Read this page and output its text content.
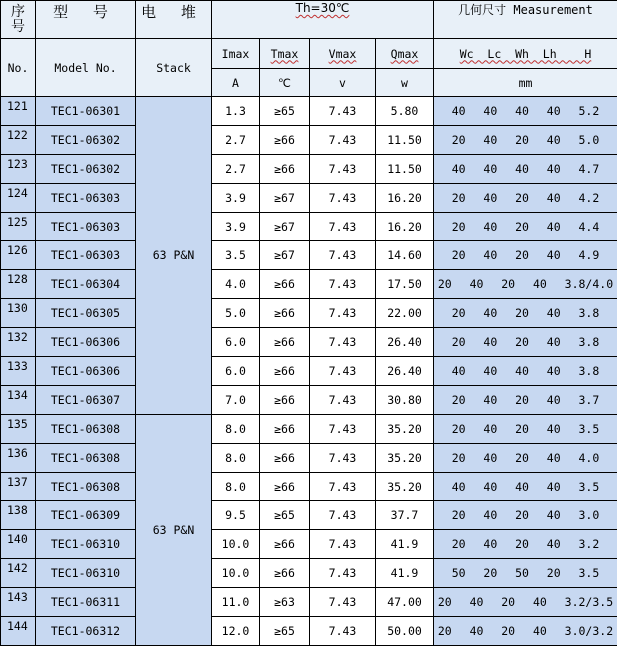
序号	型 号	电 堆	Th=30℃				几何尺寸 Measurement
No.	Model No.	Stack	Imax	Tmax	Vmax	Qmax	Wc  Lc  Wh  Lh    H
			A	℃	v	w	mm
121	TEC1-06301	63 P&N	1.3	≥65	7.43	5.80	40  40  40  40  5.2
122	TEC1-06302		2.7	≥66	7.43	11.50	20  40  20  40  5.0
123	TEC1-06302		2.7	≥66	7.43	11.50	40  40  40  40  4.7
124	TEC1-06303		3.9	≥67	7.43	16.20	20  40  20  40  4.2
125	TEC1-06303		3.9	≥67	7.43	16.20	20  40  20  40  4.4
126	TEC1-06303		3.5	≥67	7.43	14.60	20  40  20  40  4.9
128	TEC1-06304		4.0	≥66	7.43	17.50	20  40  20  40  3.8/4.0
130	TEC1-06305		5.0	≥66	7.43	22.00	20  40  20  40  3.8
132	TEC1-06306		6.0	≥66	7.43	26.40	20  40  20  40  3.8
133	TEC1-06306		6.0	≥66	7.43	26.40	40  40  40  40  3.8
134	TEC1-06307		7.0	≥66	7.43	30.80	20  40  20  40  3.7
135	TEC1-06308	63 P&N	8.0	≥66	7.43	35.20	20  40  20  40  3.5
136	TEC1-06308		8.0	≥66	7.43	35.20	20  40  20  40  4.0
137	TEC1-06308		8.0	≥66	7.43	35.20	40  40  40  40  3.5
138	TEC1-06309		9.5	≥65	7.43	37.7	20  40  20  40  3.0
140	TEC1-06310		10.0	≥66	7.43	41.9	20  40  20  40  3.2
142	TEC1-06310		10.0	≥66	7.43	41.9	50  20  50  20  3.5
143	TEC1-06311		11.0	≥63	7.43	47.00	20  40  20  40  3.2/3.5
144	TEC1-06312		12.0	≥65	7.43	50.00	20  40  20  40  3.0/3.2
